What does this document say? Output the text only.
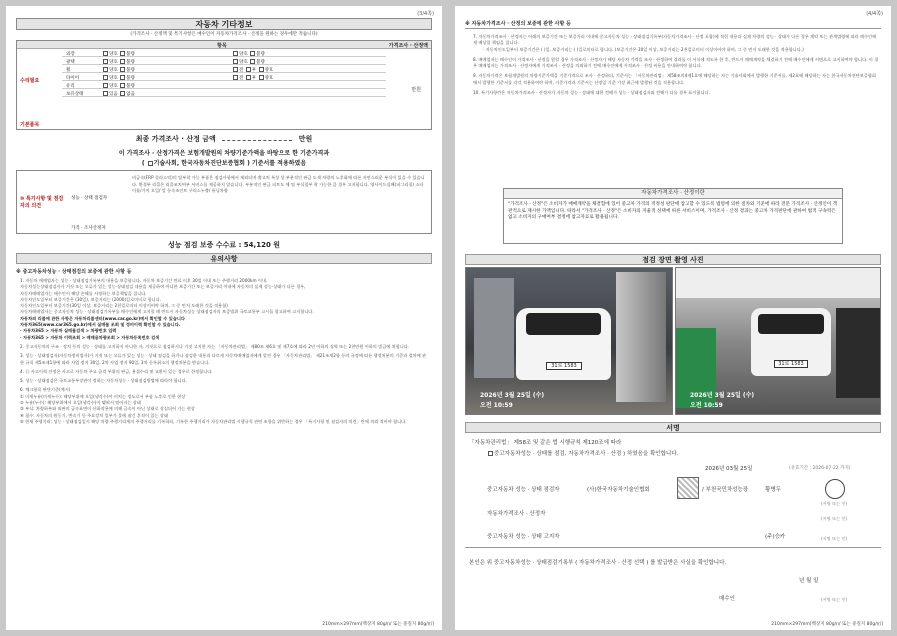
(3/4쪽)
자동차 기타정보
(가격조사 · 산정액 및 특기사항은 매수인이 자동차가격조사 · 산정을 원하는 경우에만 적습니다)
항목	가격조사 · 산정액
수리필요
기본품목
외장	양호 불량	양호 불량
광택	양호 불량	양호 불량
휠	양호 불량	전 후 양호
타이어	양호 불량	전 후 양호
유리	양호 불량
보유상태	있음 없음
만원
최종 가격조사 · 산정 금액	만원
이 가격조사 · 산정가격은 보험개발원의 차량기준가액을 바탕으로 한 기준가격과
( 기술사회, 한국자동차진단보증협회 ) 기준서를 적용하였음
⑩ 특기사항 및 점검자의 의견
성능 · 상태 점검자
가격 · 조사산정자
비금속(FRP 플라스틱)의 탈부착 가능 부품은 점검사항에서 제외되며 출고처 특성 상 부분적인 판금 도색 차량의 노후화에 따른 자연스러운 부식이 있을 수 있습니다. 환경부 리콜은 리콜조치여부 서비스를 제공하지 않습니다. 부분적인 판금 피트도 체 및 부식철부 착 가능한 클 경우 고지합니다. 영사이드실패(퍼그리칭) 소타이틀/기어 오일/ 앞 등속조인트 구리스누출/ 튜닝차량
성능 점검 보증 수수료 : 54,120 원
유의사항
※ 중고자동차성능 · 상태점검의 보증에 관한 사항 등
1. 자동차 매매업자는 성능 · 상태점검기록부의 내용을 보증합니다. 자동차 보증기간 만료 이후 30일 이내 또는 주행거리 2000km 이내.
자동차성능상태점검자가 거짓 또는 오류가 있는 성능·상태점검 내용을 제공하여 아니한 보증기간 또는 보증거리 이내에 자동차의 실제 성능·상태가 다른 경우,
자동차매매업자는 매수인이 해당 손해를 사정하는 보증책임을 집니다.
자동차인도일부터 보증기간은 (30일), 보증거리는 (2000)킬로미터로 합니다.
자동차인도일부터 보증기간(30일 이상, 보증거리는 2천킬로미터 이상이어야 하며, 그 중 먼저 도래한 것을 적용함)
자동차매매업자는 중고자동차 성능 · 상태점검기록부를 매수인에게 고지할 때 반드시 자동차성능 상태점검자의 보증범위 국토교통부 고시를 참고하여 고지합니다.
자동차의 리콜에 관한 사항은 자동차리콜센터(www.car.go.kr)에서 확인할 수 있습니다
자동차365(www.car365.go.kr)에서 실매물 조회 및 정비이력 확인할 수 있습니다.
· 자동차365 > 자동차 실매물검색 > 차량번호 입력
· 자동차365 > 자동차 이력조회 > 매매용차량조회 > 자동차등록번호 검색
2. 중고자동차의 구조 · 장치 등의 성능 · 상태를 고지하지 아니한 자, 거짓으로 점검하거나 거짓 고지한 자는 「자동차관리법」 제80조 제6호 및 제7호에 따라 2년 이하의 징역 또는 2천만원 이하의 벌금에 처합니다.
3. 성능 · 상태점검자(자동차정비업자)가 거짓 또는 오류가 있는 성능 · 상태 점검을 하거나 점검한 내용과 다르게 자동차매매업자에게 알린 경우 「자동차관리법」 제21조제2항 등의 규정에 따른 행정처분의 기준과 절차에 관한 규칙 제5조제1항에 따라 사업 정지 30일, 2차 사업 정지 90일, 3차 등록취소의 행정처분을 받습니다.
4. ⑪ 사고이력 인정은 사고로 자동차 주요 골격 부위의 판금, 용접수리 및 교환이 있는 경우로 한정합니다.
5. 성능 · 상태점검은 국토교통부장관이 정하는 자동차성능 · 상태점검방법에 따라야 합니다.
6. 체크항목 판단기준(예시)
① 미세누유(미세누수): 해당부위에 오일(냉각수)이 비치는 정도로서 부품 노후로 인한 현상
② 누유(누수): 해당부위에서 오일(냉각수)이 맺혀서 떨어지는 상태
③ 부식: 차량하부와 외판의 금속표면이 산화작용에 의해 금속이 아닌 상태로 상실되어 가는 현상
④ 침수: 자동차의 원동기, 변속기 등 주요장치 일부가 물에 잠긴 흔적이 있는 상태
⑤ 현재 주행거리: 성능 · 상태점검일시 해당 차량 주행거리계의 주행거리를 기록하되, 기록한 주행거리가 자동차관리법 시행규칙 관련 조항을 위반하는 경우 「특기사항 및 점검자의 의견」란에 의뢰 적어야 합니다.
210mm×297mm[백상지 80g/㎡ 또는 중질지 80g/㎡]
(4/4쪽)
※ 자동차가격조사 · 산정의 보증에 관한 사항 등
7. 자동차가격조사 · 산정자는 아래의 보증기간 또는 보증거리 이내에 중고자동차 성능 · 상태점검기록부(자동차가격조사 · 산정 포함)에 적힌 내용과 실제 차량의 성능 · 상태가 다른 경우 계약 또는 관계법령에 따라 매수인에게 배상할 책임을 집니다.
· 자동차인도일부터 보증기간은 ( )일, 보증거리는 ( )킬로미터로 합니다. (보증기간은 30일 이상, 보증거리는 2천킬로미터 이상이어야 하며, 그 중 먼저 도래한 것을 적용합니다.)
8. 매매업자는 매수인이 가격조사 · 산정을 원할 경우 가격조사 · 산정자가 해당 자동차 가격을 조사 · 산정하여 결과를 이 서식에 적도록 한 후, 반드시 매매계약을 체결하기 전에 매수인에게 서면으로 고지하여야 합니다. 이 경우 매매업자는 가격조사 · 산정자에게 가격조사 · 산정을 의뢰하기 전에 매수인에게 가격조사 · 산정 비용을 안내하여야 합니다.
9. 자동차가격은 보험개발원의 차량기준가액을 기준가격으로 조사 · 산정하되, 기준서는 「자동차관리법」 제58조의4제1호에 해당하는 자는 기술사회에서 발행한 기준서를, 제2호에 해당하는 자는 한국자동차진단보증협회에서 발행한 기준서를 각각 적용하여야 하며, 기준가격과 기준서는 산정일 기준 가장 최근에 발행된 것을 적용합니다.
10. 특기사항란은 자동차가격조사 · 산정자가 자동차 성능 · 상태에 대한 견해가 성능 · 상태점검자와 견해가 다를 경우 표시합니다.
자동차가격조사 · 산정이란
"가격조사 · 산정"은 소비자가 매매계약을 체결함에 있어 중고차 가격의 적정성 판단에 참고할 수 있도록 법령에 의한 절차와 기준에 따라 전문 가격조사 · 산정인이 객관적으로 제시한 가액입니다. 따라서 "가격조사 · 산정"은 소비자의 자율적 선택에 따른 서비스이며, 가격조사 · 산정 결과는 중고차 가격판단에 관하여 법적 구속력은 없고 소비자의 구매여부 결정에 참고자료로 활용됩니다.
점검 장면 촬영 사진
31로 1583
2026년 3월 25일 (수)
오전 10:59
31로 1583
2026년 3월 25일 (수)
오전 10:59
서명
「자동차관리법」 제58조 및 같은 법 시행규칙 제120조에 따라
중고자동차성능 · 상태를 점검, 자동차가격조사 · 산정 ) 하였음을 확인합니다.
2026년 03월 25일	(유효기간 : 2026-07-22 까지)
중고자동차 성능 · 상태 점검자	(사)한국자동차기술인협회	/ 부천국민차성능장	황병두
(서명 또는 인)
자동차가격조사 · 산정자
(서명 또는 인)
중고자동차 성능 · 상태 고지자	(주)승카	(서명 또는 인)
본인은 위 중고자동차성능 · 상태점검기록부 ( 자동차가격조사 · 산정 선택 ) 를 발급받은 사실을 확인합니다.
년 월 일
매수인	(서명 또는 인)
210mm×297mm[백상지 80g/㎡ 또는 중질지 80g/㎡]
